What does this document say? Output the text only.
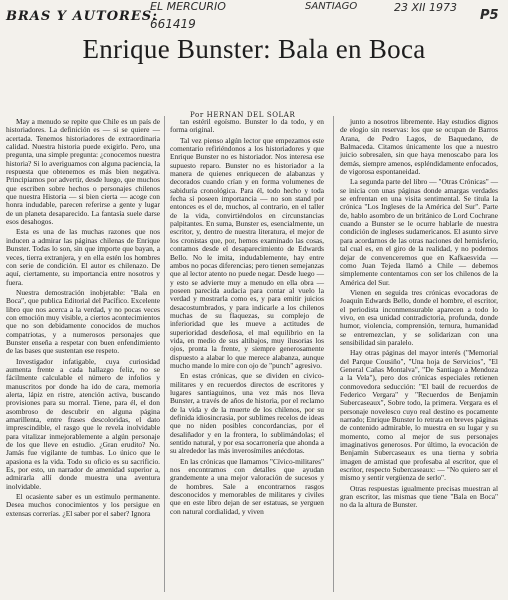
EL MERCURIO	SANTIAGO	23 XII 1973
661419
P5
BRAS Y AUTORES:
Enrique Bunster: Bala en Boca
Por HERNAN DEL SOLAR

May a menudo se repite que Chile es un país de historiadores. La definición es — si se quiere — acertada. Tenemos historiadores de extraordinaria calidad. Nuestra historia puede exigirlo. Pero, una pregunta, una simple pregunta: ¿conocemos nuestra historia? Si lo averiguamos con alguna paciencia, la respuesta que obtenemos es más bien negativa. Principiamos por advertir, desde luego, que muchos que escriben sobre hechos o personajes chilenos que nuestra Historia — si bien cierta — acoge con honra indudable, parecen referirse a gente y lugar de un planeta desaparecido. La fantasía suele darse esos desahogos.

Esta es una de las muchas razones que nos inducen a admirar las páginas chilenas de Enrique Bunster. Todas lo son, sin que importe que bayan, a veces, tierra extranjera, y en ella estén los hombres con serie de condición. El autor es chilenazo. De aquí, ciertamente, su importancia entre nosotros y fuera.

Nuestra demostración inobjetable: "Bala en Boca", que publica Editorial del Pacífico. Excelente libro que nos acerca a la verdad, y no pocas veces con emoción muy visible, a ciertos acontecimientos que no son debidamente conocidos de muchos compatriotas, y a numerosos personajes que Bunster enseña a respetar con buen enfendimiento de las bases que sustentan ese respeto.

Investigador infatigable, cuya curiosidad aumenta frente a cada hallazgo feliz, no se fácilmente calculable el número de infolios y manuscritos por donde ha ido de cara, memoria alerta, lápiz en ristre, atención activa, buscando provisiones para su morral. Tiene, para él, el don asombroso de descubrir en alguna página amarillenta, entre frases descoloridas, el dato imprescindible, el rasgo que le revela inolvidable para vitalizar inmejorablemente a algún personaje de los que lleve en estudio. ¿Gran erudito? No. Jamás fue vigilante de tumbas. Lo único que le apasiona es la vida. Todo su oficio es su sacrificio. Es, por esto, un narrador de amenidad superior a, admirarla allí donde muestra una aventura inolvidable.

El ocasiente saber es un estímulo permanente. Desea muchos conocimientos y los persigue en extensas correrías. ¿El saber por el saber? Ignora

tan estéril egoísmo. Bunster lo da todo, y en forma original.

Tal vez pienso algún lector que empezamos este comentario refiriéndonos a los historiadores y que Enrique Bunster no es historiador. Nos interesa ese supuesto reparo. Bunster no es historiador a la manera de quienes enriquecen de alabanzas y decorados cuando crían y en forma volumenes de sabiduría cronológica. Para él, todo hecho y toda fecha sí poseen importancia — no son stand por entonces es el de, muchos, al contrario, en el taller de la vida, convirtiéndolos en circunstancias palpitantes. En suma, Bunster es, esencialmente, un escritor, y, dentro de nuestra literatura, el mejor de los cronistas que, por, hemos examinado las cosas, contamos desde el desaparecimiento de Edwards Bello. No le imita, indudablemente, hay entre ambos no pocas diferencias; pero tienen semejanzas que al lector atento no puede negar. Desde luego — y esto se advierte muy a menudo en ella obra — poseen parecida audacia para contar al vuelo la verdad y mostrarla como es, y para emitir juicios desacostumbrados, y para indicarle a los chilenos muchas de su flaquezas, su complejo de inferioridad que les mueve a actitudes de superioridad desdeñosa, el mal equilibrio en la vida, en medio de sus altibajos, muy ilusorias los ojos, pronta la frente, y siempre generosamente dispuesto a alabar lo que merece alabanza, aunque mucho mande lo mire con ojo de "punch" agresivo.

En estas crónicas, que se dividen en civico-militares y en recuerdos directos de escritores y lugares santiaguinos, una vez más nos lleva Bunster, a través de años de historia, por el reclamo de la vida y de la muerte de los chilenos, por su definida idiosincrasia, por sublimes recelos de ideas que no niden posibles concordancias, por el desaliñador y en la frontera, lo sublimándolas; el sentido natural, y por esa socarronería que ahonda a su alrededor las más inverosímiles anécdotas.

En las crónicas que llamamos "Cívico-militares" nos encontramos con detalles que ayudan grandemente a una mejor valoración de sucesos y de hombres. Sale a encontrarnos rasgos desconocidos y memorables de militares y civiles que en este libro dejan de ser estatuas, se yerguen con natural cordialidad, y viven

junto a nosotros libremente. Hay estudios dignos de elogio sin reservas: los que se ocupan de Barros Arana, de Pedro Lagos, de Baquedano, de Balmaceda. Citamos únicamente los que a nuestro juicio sobresalen, sin que haya menoscabo para los demás, siempre amenos, espléndidamente enfocados, de vigorosa espontaneidad.

La segunda parte del libro — "Otras Crónicas" — se inicia con unas páginas donde amargas verdades se enfrentan en una visita sentimental. Se titula la crónica "Los Ingleses de la América del Sur". Parte de, hablo asombro de un británico de Lord Cochrane cuando a Bunster se le ocurre hablarle de nuestra condición de ingleses sudamericanos. El asunto sirve para acordarnos de las otras naciones del hemisferio, tal cual es, en el giro de la realidad, y no podemos dejar de convenceremos que en Kafkaesvida — como Juan Tejeda llamó a Chile — debemos simplemente contentarnos con ser los chilenos de la América del Sur.

Vienen en seguida tres crónicas evocadoras de Joaquín Edwards Bello, donde el hombre, el escritor, el periodista inconmensurable aparecen a todo lo vivo, en esa unidad contradictoria, profunda, donde humor, violencia, comprensión, ternura, humanidad se entremezclan, y se solidarizan con una sensibilidad sin paralelo.

Hay otras páginas del mayor interés ("Memorial del Parque Cousiño", "Una hoja de Servicios", "El General Cañas Montalva", "De Santiago a Mendoza a la Vela"), pero dos crónicas especiales retienen conmovedora seducción: "El baúl de recuerdos de Federico Vergara" y "Recuerdos de Benjamín Subercaseaux", Sobre todo, la primera. Vergara es el personaje novelesco cuyo real destino es pocamente narrado; Enrique Bunster lo retrata en breves páginas de contenido admirable, lo muestra en su lugar y su momento, como al mejor de sus personajes imaginativos generosos. Por último, la evocación de Benjamín Subercaseaux es una tierna y sobria imagen de amistad que profesaba al escritor, que el escritor, respecto Subercaseaux: — "No quiero ser el mismo y sentir vergüenza de serlo".

Otras respuestas igualmente precisas muestran al gran escritor, las mismas que tiene "Bala en Boca" no da la altura de Bunster.
